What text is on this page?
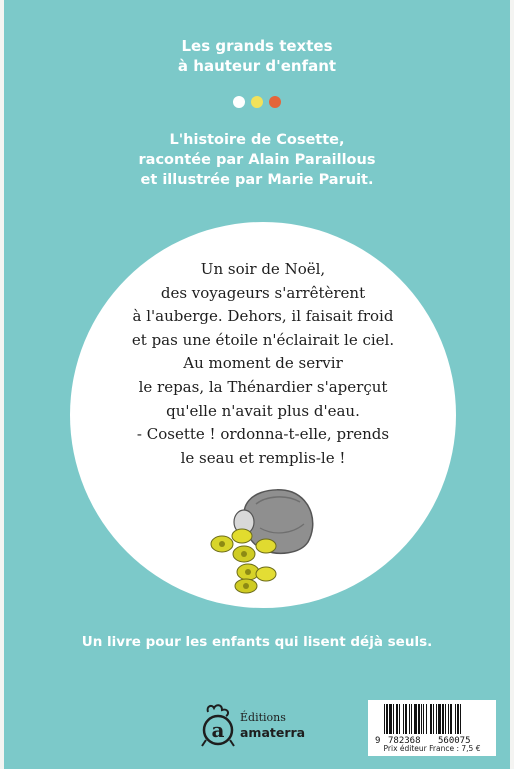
Les grands textes
à hauteur d'enfant
L'histoire de Cosette,
racontée par Alain Paraillous
et illustrée par Marie Paruit.
Un soir de Noël,
des voyageurs s'arrêtèrent
à l'auberge. Dehors, il faisait froid
et pas une étoile n'éclairait le ciel.
Au moment de servir
le repas, la Thénardier s'aperçut
qu'elle n'avait plus d'eau.
- Cosette ! ordonna-t-elle, prends
le seau et remplis-le !
Un livre pour les enfants qui lisent déjà seuls.
a
Éditions
amaterra
9 782368 560075
Prix éditeur France : 7,5 €
